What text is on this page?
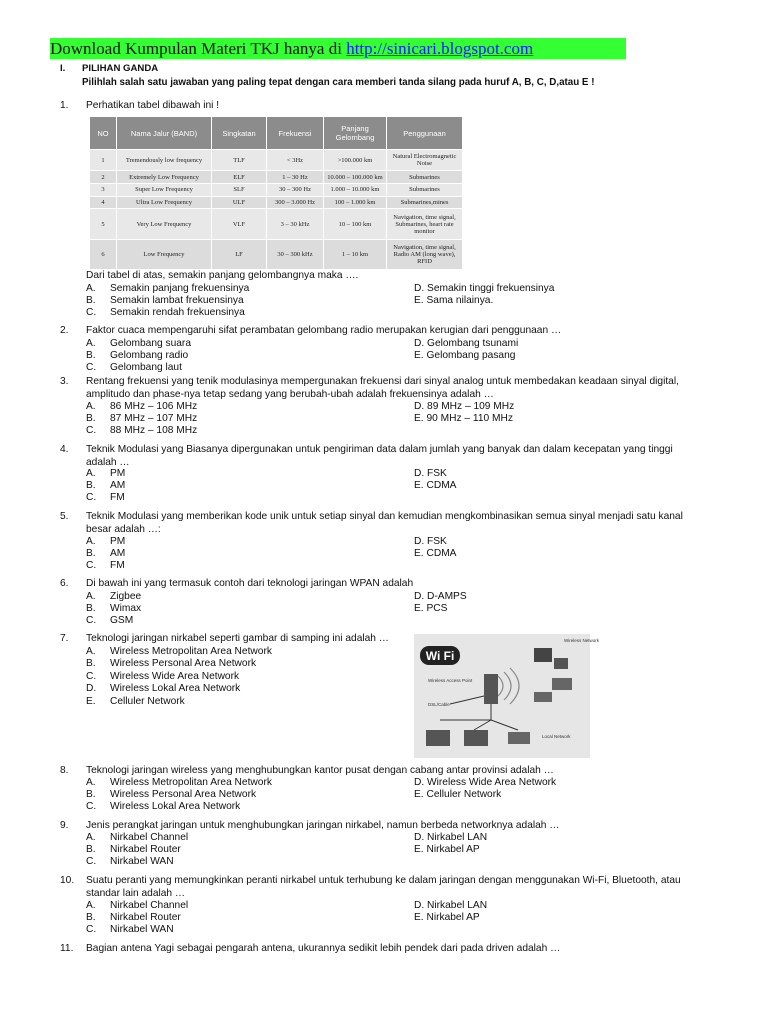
Download Kumpulan Materi TKJ hanya di http://sinicari.blogspot.com
I. PILIHAN GANDA
Pilihlah salah satu jawaban yang paling tepat dengan cara memberi tanda silang pada huruf A, B, C, D,atau E !
1.	Perhatikan tabel dibawah ini !
NO	Nama Jalur (BAND)	Singkatan	Frekuensi	Panjang Gelombang	Penggunaan
1	Tremendously low frequency	TLF	< 3Hz	>100.000 km	Natural Electromagnetic Noise
2	Extremely Low Frequency	ELF	1 – 30 Hz	10.000 – 100.000 km	Submarines
3	Super Low Frequency	SLF	30 – 300 Hz	1.000 – 10.000 km	Submarines
4	Ultra Low Frequency	ULF	300 – 3.000 Hz	100 – 1.000 km	Submarines,mines
5	Very Low Frequency	VLF	3 – 30 kHz	10 – 100 km	Navigation, time signal, Submarines, heart rate monitor
6	Low Frequency	LF	30 – 300 kHz	1 – 10 km	Navigation, time signal, Radio AM (long wave), RFID
Dari tabel di atas, semakin panjang gelombangnya maka ….
A. Semakin panjang frekuensinya
B. Semakin lambat frekuensinya
C. Semakin rendah frekuensinya
D. Semakin tinggi frekuensinya
E. Sama nilainya.
2.	Faktor cuaca mempengaruhi sifat perambatan gelombang radio merupakan kerugian dari penggunaan …
A. Gelombang suara
B. Gelombang radio
C. Gelombang laut
D. Gelombang tsunami
E. Gelombang pasang
3.	Rentang frekuensi yang tenik modulasinya mempergunakan frekuensi dari sinyal analog untuk membedakan keadaan sinyal digital, amplitudo dan phase-nya tetap sedang yang berubah-ubah adalah frekuensinya adalah …
A. 86 MHz – 106 MHz
B. 87 MHz – 107 MHz
C. 88 MHz – 108 MHz
D. 89 MHz – 109 MHz
E. 90 MHz – 110 MHz
4.	Teknik Modulasi yang Biasanya dipergunakan untuk pengiriman data dalam jumlah yang banyak dan dalam kecepatan yang tinggi adalah …
A. PM
B. AM
C. FM
D. FSK
E. CDMA
5.	Teknik Modulasi yang memberikan kode unik untuk setiap sinyal dan kemudian mengkombinasikan semua sinyal menjadi satu kanal besar adalah …:
A. PM
B. AM
C. FM
D. FSK
E. CDMA
6.	Di bawah ini yang termasuk contoh dari teknologi jaringan WPAN adalah
A. Zigbee
B. Wimax
C. GSM
D. D-AMPS
E. PCS
7.	Teknologi jaringan nirkabel seperti gambar di samping ini adalah …
A. Wireless Metropolitan Area Network
B. Wireless Personal Area Network
C. Wireless Wide Area Network
D. Wireless Lokal Area Network
E. Celluler Network
Wi Fi
Wireless Access Point
DSL/Cable
Wireless Network
Local Network
8.	Teknologi jaringan wireless yang menghubungkan kantor pusat dengan cabang antar provinsi adalah …
A. Wireless Metropolitan Area Network
B. Wireless Personal Area Network
C. Wireless Lokal Area Network
D. Wireless Wide Area Network
E. Celluler Network
9.	Jenis perangkat jaringan untuk menghubungkan jaringan nirkabel, namun berbeda networknya adalah …
A. Nirkabel Channel
B. Nirkabel Router
C. Nirkabel WAN
D. Nirkabel LAN
E. Nirkabel AP
10.	Suatu peranti yang memungkinkan peranti nirkabel untuk terhubung ke dalam jaringan dengan menggunakan Wi-Fi, Bluetooth, atau standar lain adalah …
A. Nirkabel Channel
B. Nirkabel Router
C. Nirkabel WAN
D. Nirkabel LAN
E. Nirkabel AP
11.	Bagian antena Yagi sebagai pengarah antena, ukurannya sedikit lebih pendek dari pada driven adalah …
